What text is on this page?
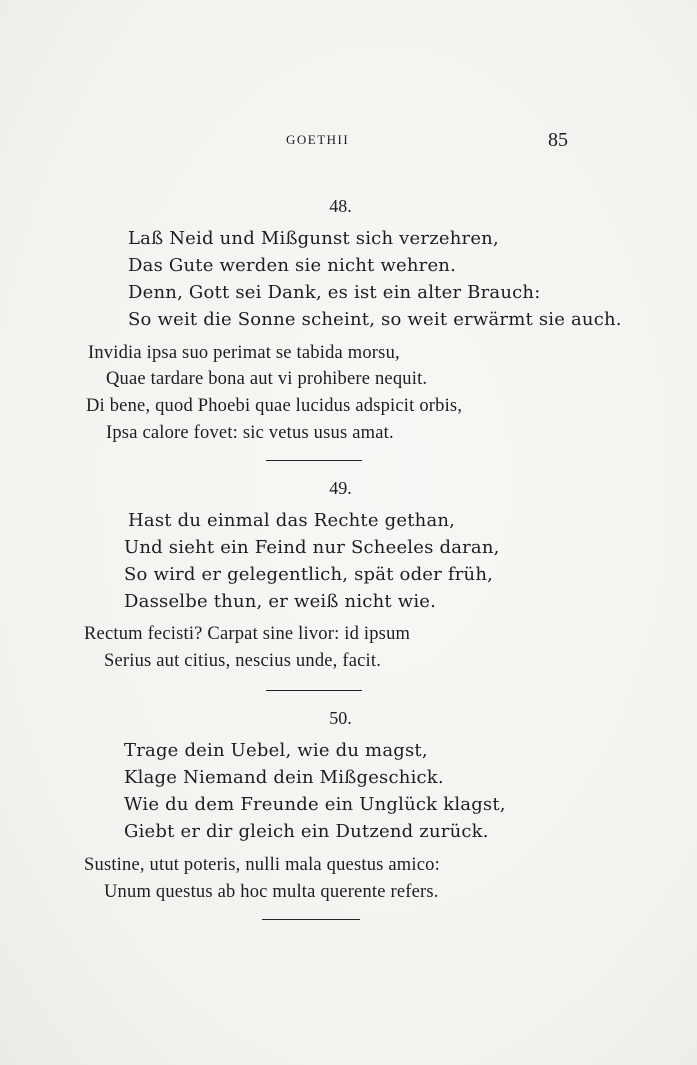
GOETHII	85
48.
Laß Neid und Mißgunst sich verzehren,
Das Gute werden sie nicht wehren.
Denn, Gott sei Dank, es ist ein alter Brauch:
So weit die Sonne scheint, so weit erwärmt sie auch.
Invidia ipsa suo perimat se tabida morsu,
Quae tardare bona aut vi prohibere nequit.
Di bene, quod Phoebi quae lucidus adspicit orbis,
Ipsa calore fovet: sic vetus usus amat.
49.
Hast du einmal das Rechte gethan,
Und sieht ein Feind nur Scheeles daran,
So wird er gelegentlich, spät oder früh,
Dasselbe thun, er weiß nicht wie.
Rectum fecisti? Carpat sine livor: id ipsum
Serius aut citius, nescius unde, facit.
50.
Trage dein Uebel, wie du magst,
Klage Niemand dein Mißgeschick.
Wie du dem Freunde ein Unglück klagst,
Giebt er dir gleich ein Dutzend zurück.
Sustine, utut poteris, nulli mala questus amico:
Unum questus ab hoc multa querente refers.
